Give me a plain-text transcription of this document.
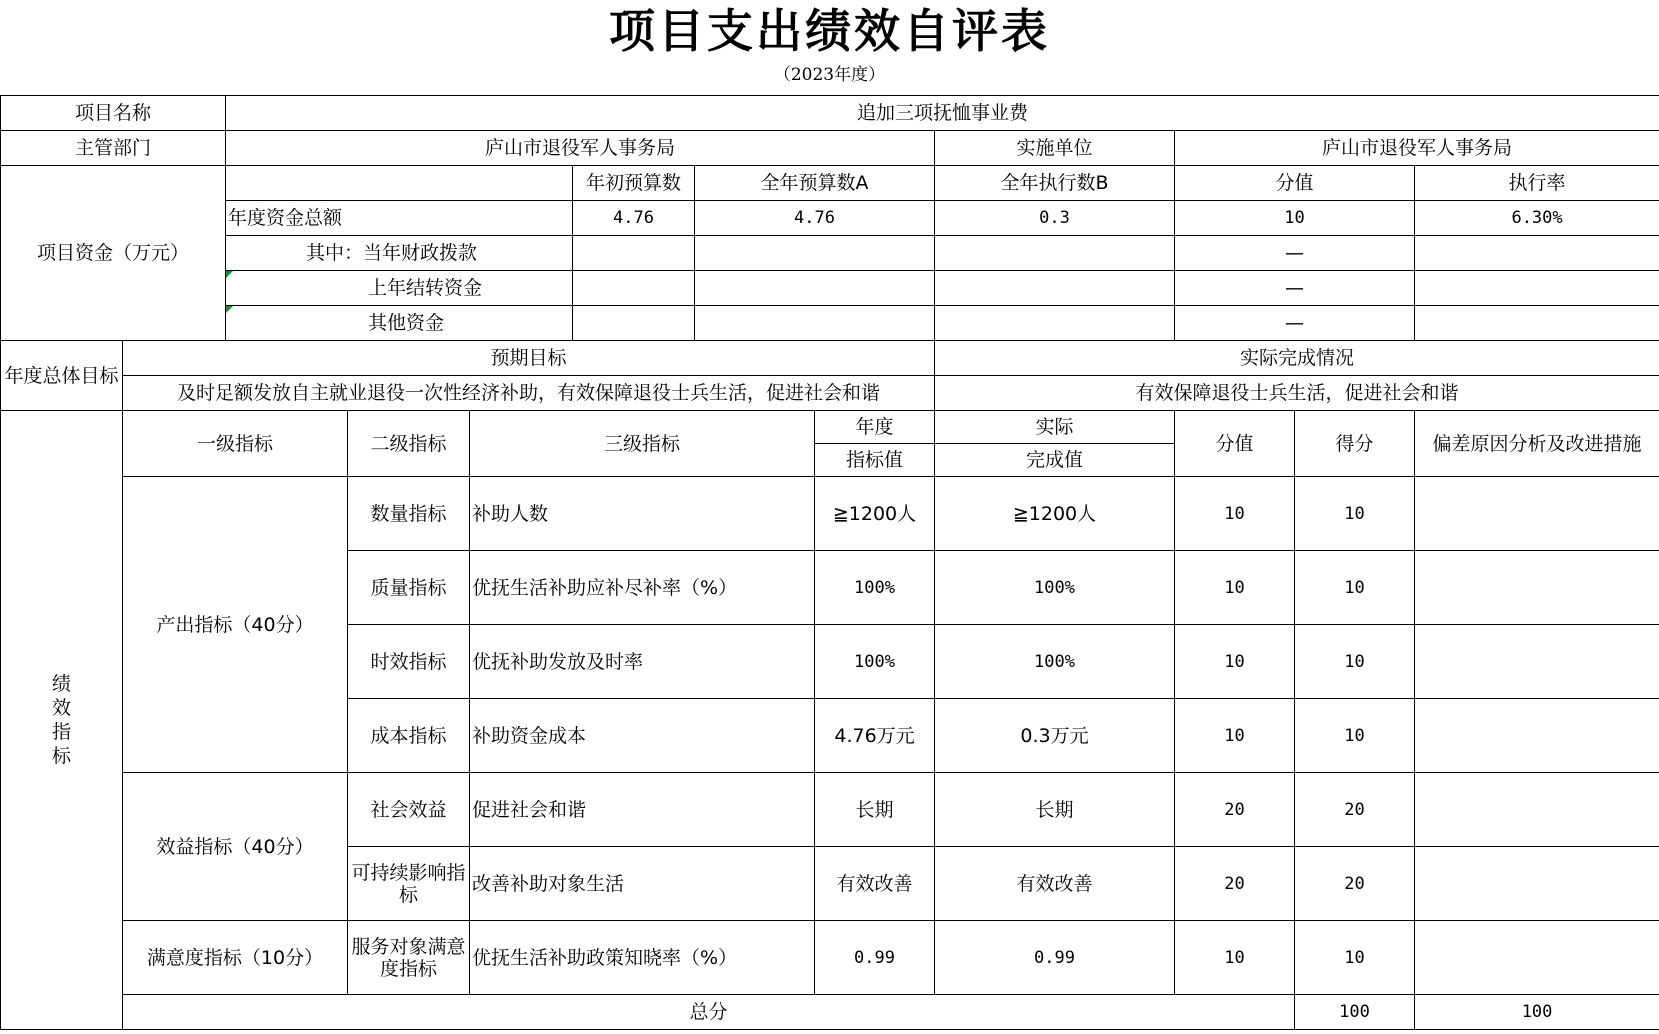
项目支出绩效自评表
（2023年度）
项目名称		追加三项抚恤事业费										
主管部门		庐山市退役军人事务局						实施单位	庐山市退役军人事务局			
项目资金（万元）					年初预算数	全年预算数A		全年执行数B	分值		执行率	
		年度资金总额			4.76	4.76		0.3	10		6.30%	
		其中：当年财政拨款							—		
		上年结转资金							—		
		其他资金							—		
年度总体目标	预期目标							实际完成情况				
	及时足额发放自主就业退役一次性经济补助，有效保障退役士兵生活，促进社会和谐							有效保障退役士兵生活，促进社会和谐				

绩效指标	一级指标		二级指标	三级指标			年度	实际	分值	得分	偏差原因分析及改进措施	
							指标值	完成值				
	产出指标（40分）		数量指标	补助人数			≧1200人	≧1200人	10	10		
			质量指标	优抚生活补助应补尽补率（%）			100%	100%	10	10		
			时效指标	优抚补助发放及时率			100%	100%	10	10		
			成本指标	补助资金成本			4.76万元	0.3万元	10	10		
	效益指标（40分）		社会效益	促进社会和谐			长期	长期	20	20		
			可持续影响指标	改善补助对象生活			有效改善	有效改善	20	20		
	满意度指标（10分）		服务对象满意度指标	优抚生活补助政策知晓率（%）			0.99	0.99	10	10		
	总分									100	100	
